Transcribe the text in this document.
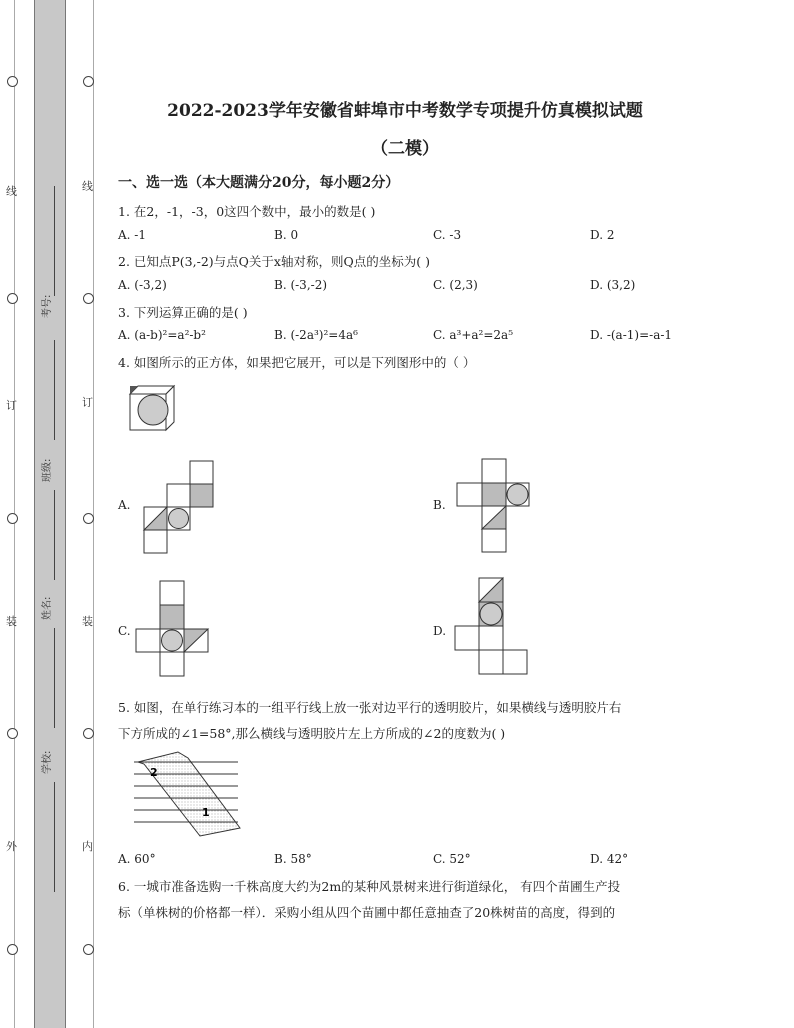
线
订
装
外
线
订
装
内
考号:
班级:
姓名:
学校:
2022-2023学年安徽省蚌埠市中考数学专项提升仿真模拟试题
（二模）
一、选一选（本大题满分20分，每小题2分）
1. 在2，-1，-3，0这四个数中，最小的数是( )
A. -1	B. 0	C. -3	D. 2
2. 已知点P(3,-2)与点Q关于x轴对称，则Q点的坐标为( )
A. (-3,2)	B. (-3,-2)	C. (2,3)	D. (3,2)
3. 下列运算正确的是( )
A. (a-b)²=a²-b²	B. (-2a³)²=4a⁶	C. a³+a²=2a⁵	D. -(a-1)=-a-1
4. 如图所示的正方体，如果把它展开，可以是下列图形中的（ ）
A.	B.
C.	D.
5. 如图，在单行练习本的一组平行线上放一张对边平行的透明胶片，如果横线与透明胶片右
下方所成的∠1=58°,那么横线与透明胶片左上方所成的∠2的度数为( )
2
1
A. 60°	B. 58°	C. 52°	D. 42°
6. 一城市准备选购一千株高度大约为2m的某种风景树来进行街道绿化， 有四个苗圃生产投
标（单株树的价格都一样）．采购小组从四个苗圃中都任意抽查了20株树苗的高度，得到的
